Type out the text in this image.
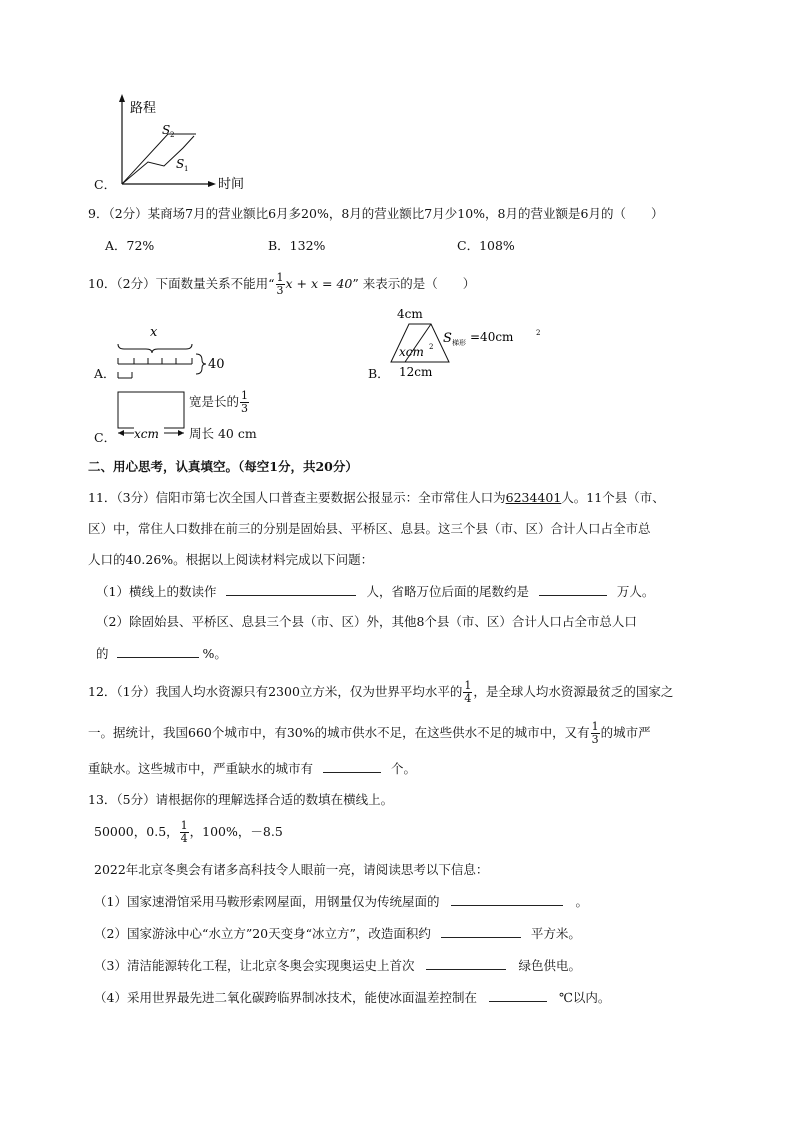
C．
路程
时间
S 2
S 1
9．（2分）某商场7月的营业额比6月多20%，8月的营业额比7月少10%，8月的营业额是6月的（　　）
A．72%	B．132%	C．108%
10．（2分）下面数量关系不能用“ $\frac{1}{3}$ x + x = 40” 来表示的是（　　）
A．
x
40
B．
4cm
xcm 2
12cm
S 梯形 =40cm	2
C． xcm
宽是长的 $\frac{1}{3}$
周长 40 cm
二、用心思考，认真填空。（每空1分，共20分）
11．（3分）信阳市第七次全国人口普查主要数据公报显示：全市常住人口为6234401人。11个县（市、
区）中，常住人口数排在前三的分别是固始县、平桥区、息县。这三个县（市、区）合计人口占全市总
人口的40.26%。根据以上阅读材料完成以下问题：
（1）横线上的数读作	人，省略万位后面的尾数约是	万人。
（2）除固始县、平桥区、息县三个县（市、区）外，其他8个县（市、区）合计人口占全市总人口
的	%。
12．（1分）我国人均水资源只有2300立方米，仅为世界平均水平的 $\frac{1}{4}$ ，是全球人均水资源最贫乏的国家之
一。据统计，我国660个城市中，有30%的城市供水不足，在这些供水不足的城市中，又有 $\frac{1}{3}$ 的城市严
重缺水。这些城市中，严重缺水的城市有	个。
13．（5分）请根据你的理解选择合适的数填在横线上。
50000，0.5， $\frac{1}{4}$ ，100%，－8.5
2022年北京冬奥会有诸多高科技令人眼前一亮，请阅读思考以下信息：
（1）国家速滑馆采用马鞍形索网屋面，用钢量仅为传统屋面的	。
（2）国家游泳中心“水立方”20天变身“冰立方”，改造面积约	平方米。
（3）清洁能源转化工程，让北京冬奥会实现奥运史上首次	绿色供电。
（4）采用世界最先进二氧化碳跨临界制冰技术，能使冰面温差控制在	℃以内。
